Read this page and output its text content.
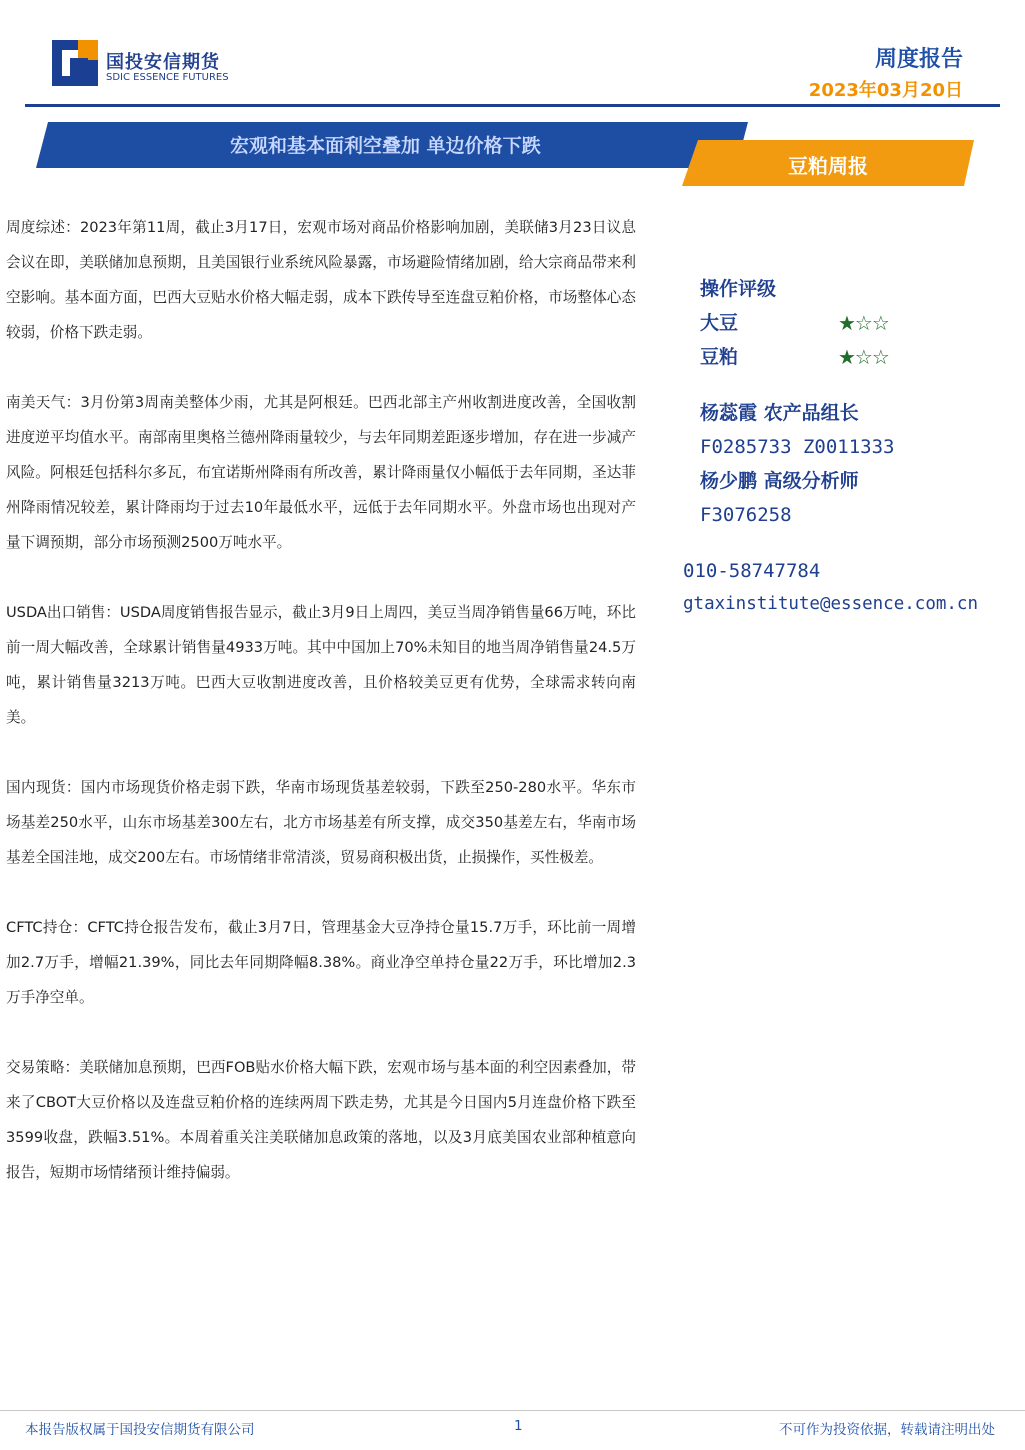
国投安信期货
SDIC ESSENCE FUTURES
周度报告
2023年03月20日
宏观和基本面利空叠加 单边价格下跌
豆粕周报

周度综述：2023年第11周，截止3月17日，宏观市场对商品价格影响加剧，美联储3月23日议息会议在即，美联储加息预期，且美国银行业系统风险暴露，市场避险情绪加剧，给大宗商品带来利空影响。基本面方面，巴西大豆贴水价格大幅走弱，成本下跌传导至连盘豆粕价格，市场整体心态较弱，价格下跌走弱。

南美天气：3月份第3周南美整体少雨，尤其是阿根廷。巴西北部主产州收割进度改善，全国收割进度逆平均值水平。南部南里奥格兰德州降雨量较少，与去年同期差距逐步增加，存在进一步减产风险。阿根廷包括科尔多瓦，布宜诺斯州降雨有所改善，累计降雨量仅小幅低于去年同期，圣达菲州降雨情况较差，累计降雨均于过去10年最低水平，远低于去年同期水平。外盘市场也出现对产量下调预期，部分市场预测2500万吨水平。

USDA出口销售：USDA周度销售报告显示，截止3月9日上周四，美豆当周净销售量66万吨，环比前一周大幅改善，全球累计销售量4933万吨。其中中国加上70%未知目的地当周净销售量24.5万吨，累计销售量3213万吨。巴西大豆收割进度改善，且价格较美豆更有优势，全球需求转向南美。

国内现货：国内市场现货价格走弱下跌，华南市场现货基差较弱，下跌至250-280水平。华东市场基差250水平，山东市场基差300左右，北方市场基差有所支撑，成交350基差左右，华南市场基差全国洼地，成交200左右。市场情绪非常清淡，贸易商积极出货，止损操作，买性极差。

CFTC持仓：CFTC持仓报告发布，截止3月7日，管理基金大豆净持仓量15.7万手，环比前一周增加2.7万手，增幅21.39%，同比去年同期降幅8.38%。商业净空单持仓量22万手，环比增加2.3万手净空单。

交易策略：美联储加息预期，巴西FOB贴水价格大幅下跌，宏观市场与基本面的利空因素叠加，带来了CBOT大豆价格以及连盘豆粕价格的连续两周下跌走势，尤其是今日国内5月连盘价格下跌至3599收盘，跌幅3.51%。本周着重关注美联储加息政策的落地，以及3月底美国农业部种植意向报告，短期市场情绪预计维持偏弱。

操作评级
大豆	★☆☆
豆粕	★☆☆
杨蕊霞 农产品组长
F0285733 Z0011333
杨少鹏 高级分析师
F3076258
010-58747784
gtaxinstitute@essence.com.cn
本报告版权属于国投安信期货有限公司	1	不可作为投资依据，转载请注明出处
